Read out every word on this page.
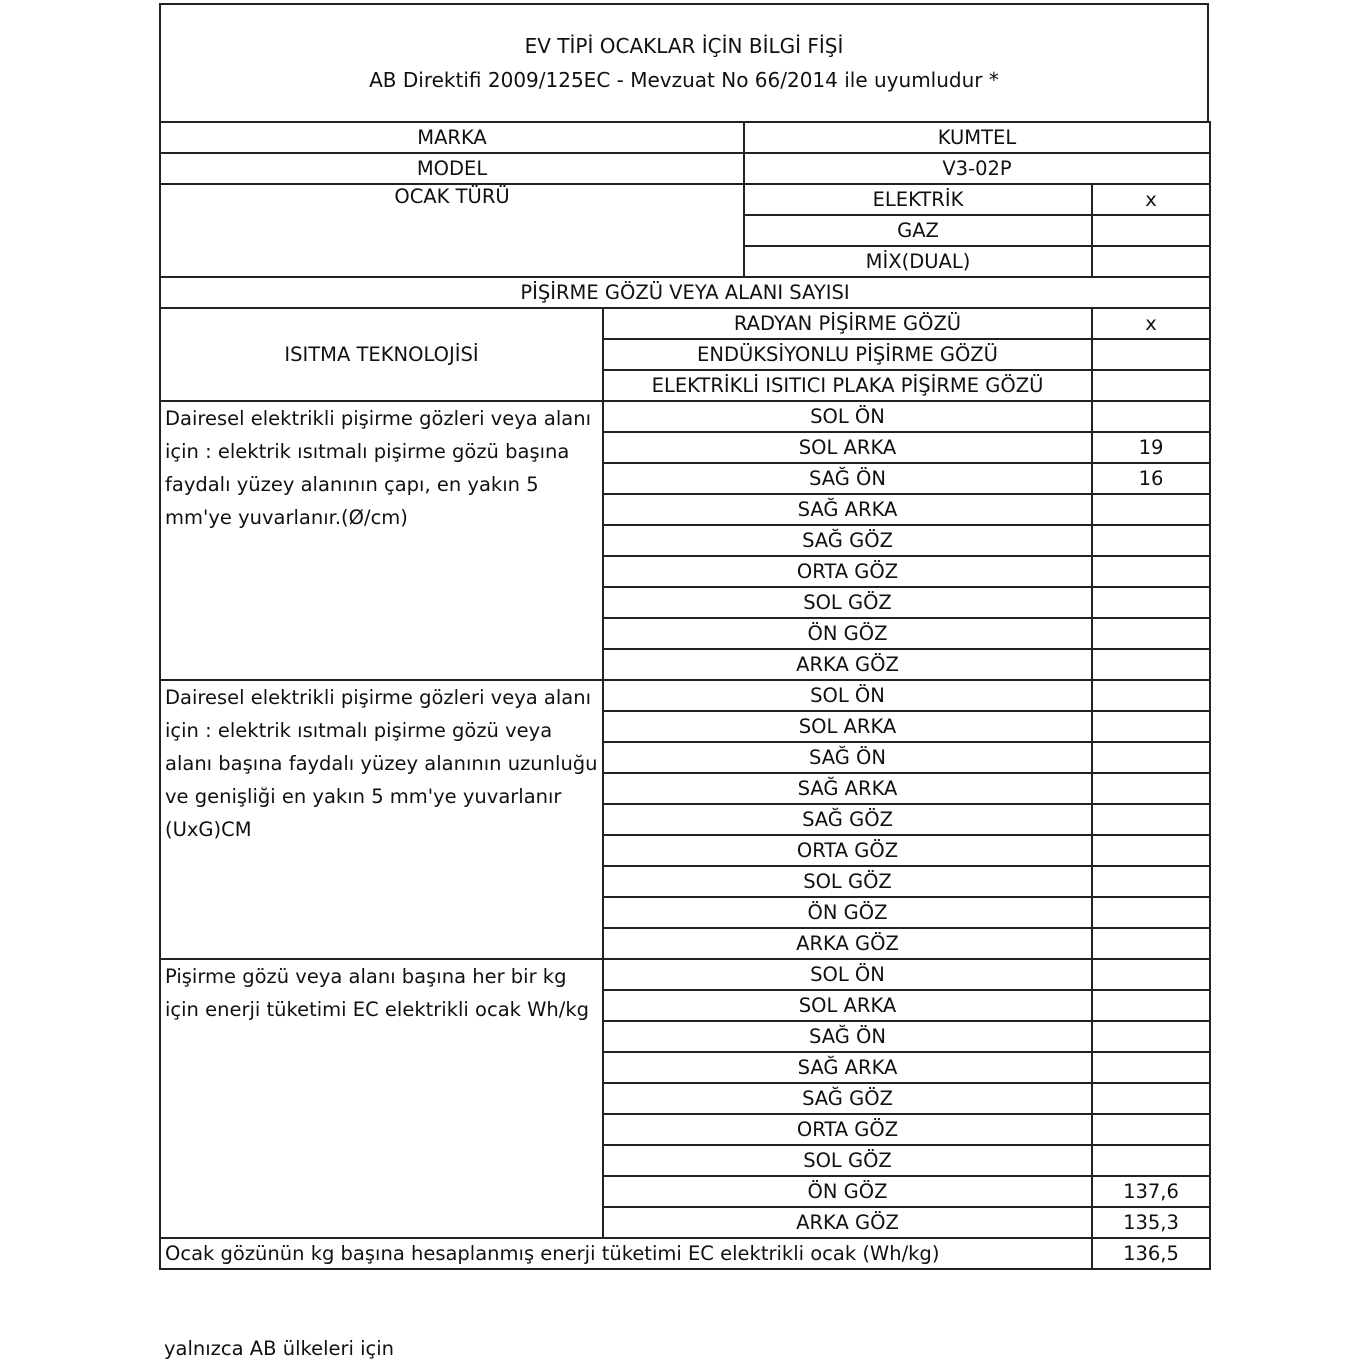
EV TİPİ OCAKLAR İÇİN BİLGİ FİŞİ
AB Direktifi 2009/125EC - Mevzuat No 66/2014 ile uyumludur *
MARKA		KUMTEL	
MODEL		V3-02P	
OCAK TÜRÜ		ELEKTRİK	x
		GAZ	
		MİX(DUAL)	
PİŞİRME GÖZÜ VEYA ALANI SAYISI			
ISITMA TEKNOLOJİSİ	RADYAN PİŞİRME GÖZÜ		x
	ENDÜKSİYONLU PİŞİRME GÖZÜ		
	ELEKTRİKLİ ISITICI PLAKA PİŞİRME GÖZÜ		
Dairesel elektrikli pişirme gözleri veya alanı için : elektrik ısıtmalı pişirme gözü başına faydalı yüzey alanının çapı, en yakın 5 mm'ye yuvarlanır.(Ø/cm)	SOL ÖN		
	SOL ARKA		19
	SAĞ ÖN		16
	SAĞ ARKA		
	SAĞ GÖZ		
	ORTA GÖZ		
	SOL GÖZ		
	ÖN GÖZ		
	ARKA GÖZ		
Dairesel elektrikli pişirme gözleri veya alanı için : elektrik ısıtmalı pişirme gözü veya alanı başına faydalı yüzey alanının uzunluğu ve genişliği en yakın 5 mm'ye yuvarlanır (UxG)CM	SOL ÖN		
	SOL ARKA		
	SAĞ ÖN		
	SAĞ ARKA		
	SAĞ GÖZ		
	ORTA GÖZ		
	SOL GÖZ		
	ÖN GÖZ		
	ARKA GÖZ		
Pişirme gözü veya alanı başına her bir kg için enerji tüketimi EC elektrikli ocak Wh/kg	SOL ÖN		
	SOL ARKA		
	SAĞ ÖN		
	SAĞ ARKA		
	SAĞ GÖZ		
	ORTA GÖZ		
	SOL GÖZ		
	ÖN GÖZ		137,6
	ARKA GÖZ		135,3
Ocak gözünün kg başına hesaplanmış enerji tüketimi EC elektrikli ocak (Wh/kg)			136,5
yalnızca AB ülkeleri için
